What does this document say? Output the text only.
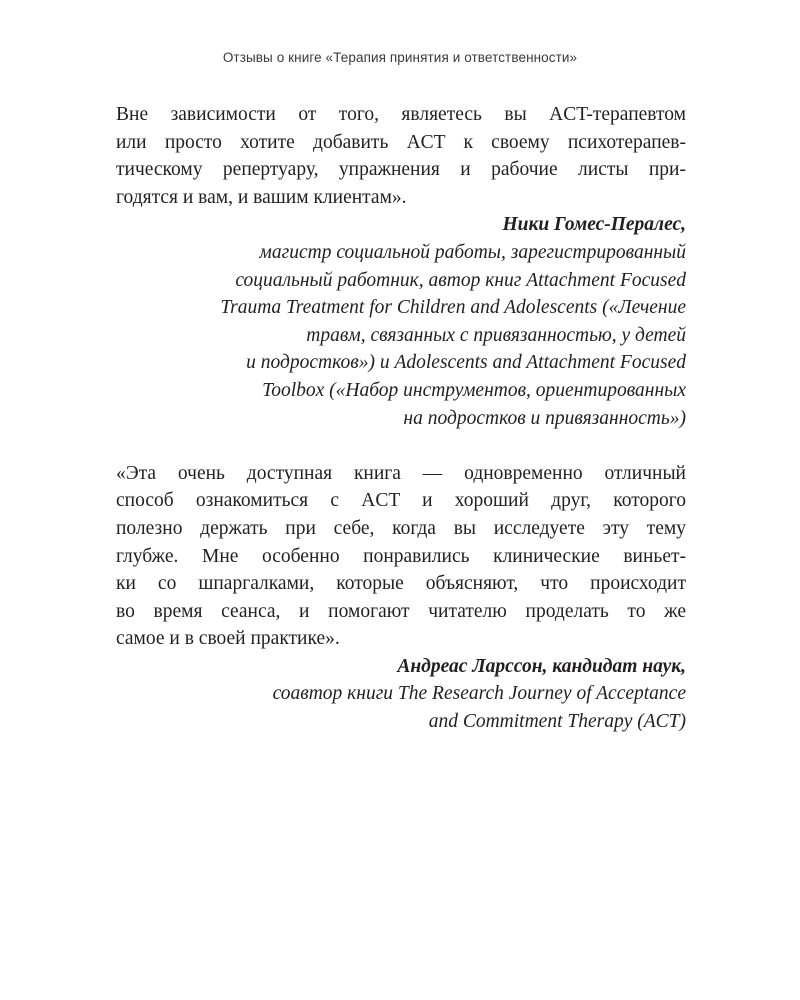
Отзывы о книге «Терапия принятия и ответственности»
Вне зависимости от того, являетесь вы ACT-терапевтом
или просто хотите добавить ACT к своему психотерапев-
тическому репертуару, упражнения и рабочие листы при-
годятся и вам, и вашим клиентам».
Ники Гомес-Пералес,
магистр социальной работы, зарегистрированный
социальный работник, автор книг Attachment Focused
Trauma Treatment for Children and Adolescents («Лечение
травм, связанных с привязанностью, у детей
и подростков») и Adolescents and Attachment Focused
Toolbox («Набор инструментов, ориентированных
на подростков и привязанность»)
«Эта очень доступная книга — одновременно отличный
способ ознакомиться с ACT и хороший друг, которого
полезно держать при себе, когда вы исследуете эту тему
глубже. Мне особенно понравились клинические виньет-
ки со шпаргалками, которые объясняют, что происходит
во время сеанса, и помогают читателю проделать то же
самое и в своей практике».
Андреас Ларссон, кандидат наук,
соавтор книги The Research Journey of Acceptance
and Commitment Therapy (ACT)
